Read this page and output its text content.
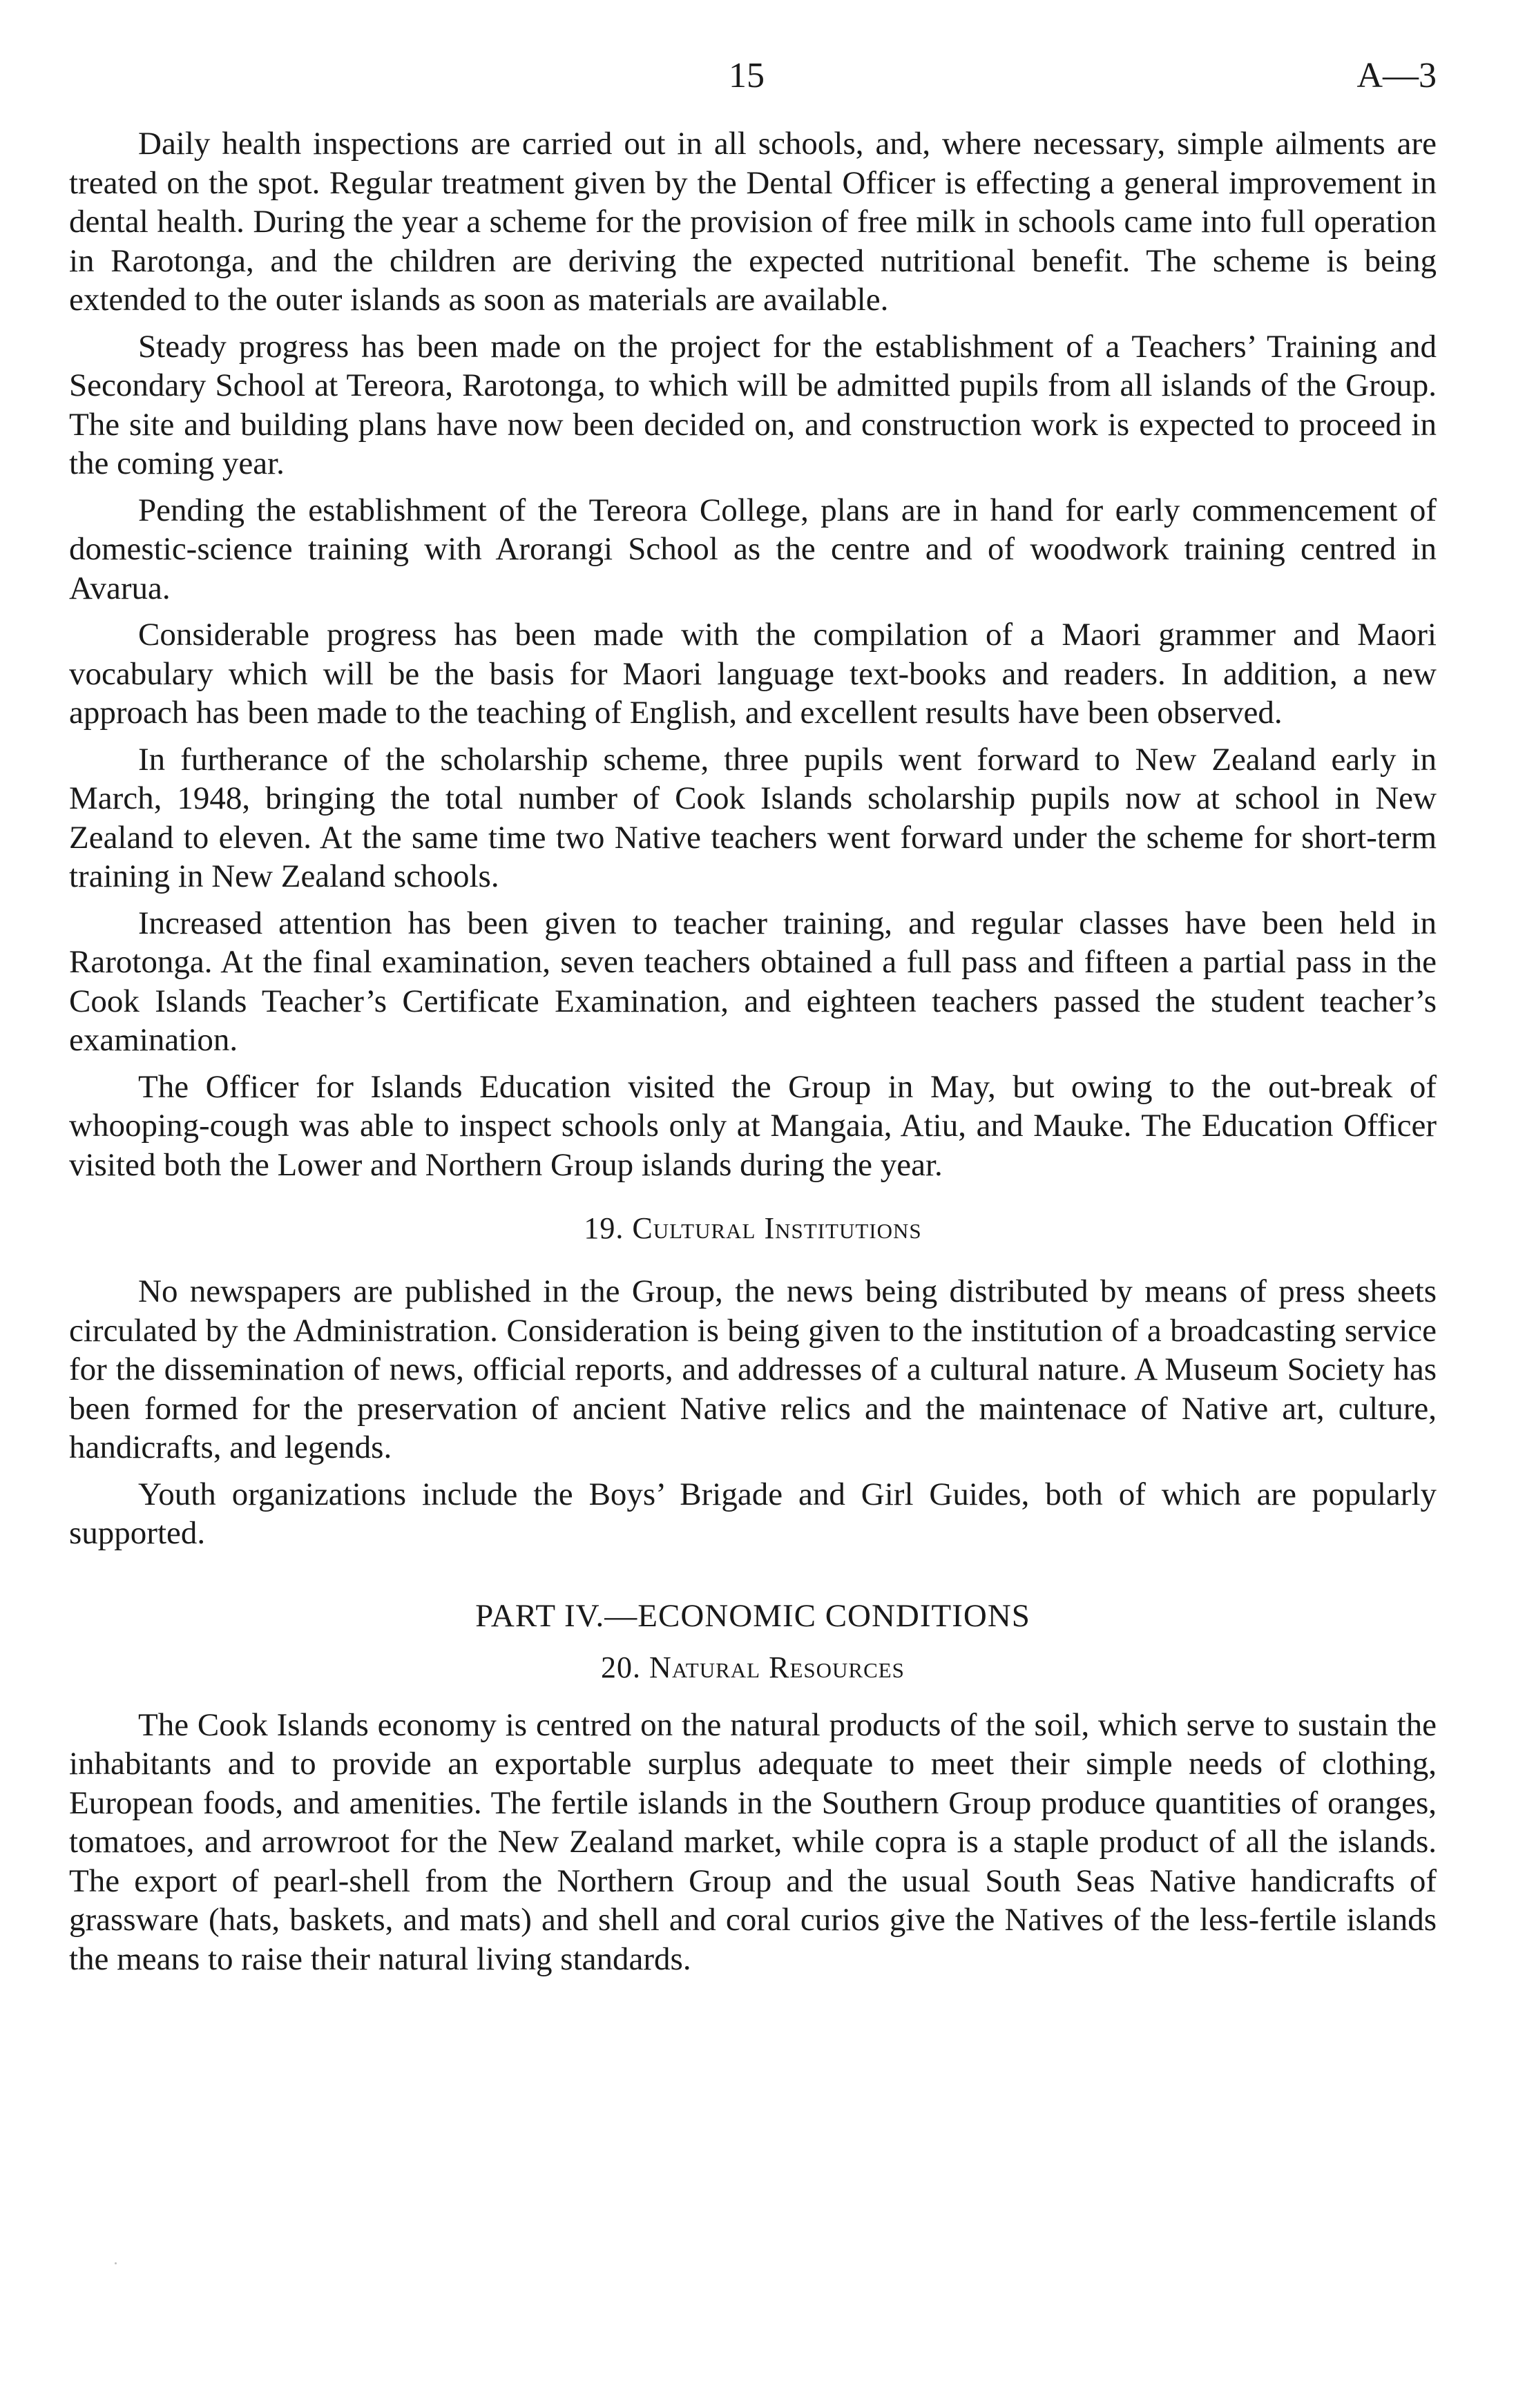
15	A—3

Daily health inspections are carried out in all schools, and, where necessary, simple ailments are treated on the spot. Regular treatment given by the Dental Officer is effecting a general improvement in dental health. During the year a scheme for the provision of free milk in schools came into full operation in Rarotonga, and the children are deriving the expected nutritional benefit. The scheme is being extended to the outer islands as soon as materials are available.

Steady progress has been made on the project for the establishment of a Teachers’ Training and Secondary School at Tereora, Rarotonga, to which will be admitted pupils from all islands of the Group. The site and building plans have now been decided on, and construction work is expected to proceed in the coming year.

Pending the establishment of the Tereora College, plans are in hand for early commencement of domestic-science training with Arorangi School as the centre and of woodwork training centred in Avarua.

Considerable progress has been made with the compilation of a Maori grammer and Maori vocabulary which will be the basis for Maori language text-books and readers. In addition, a new approach has been made to the teaching of English, and excellent results have been observed.

In furtherance of the scholarship scheme, three pupils went forward to New Zealand early in March, 1948, bringing the total number of Cook Islands scholarship pupils now at school in New Zealand to eleven. At the same time two Native teachers went forward under the scheme for short-term training in New Zealand schools.

Increased attention has been given to teacher training, and regular classes have been held in Rarotonga. At the final examination, seven teachers obtained a full pass and fifteen a partial pass in the Cook Islands Teacher’s Certificate Examination, and eighteen teachers passed the student teacher’s examination.

The Officer for Islands Education visited the Group in May, but owing to the out-break of whooping-cough was able to inspect schools only at Mangaia, Atiu, and Mauke. The Education Officer visited both the Lower and Northern Group islands during the year.

19. Cultural Institutions

No newspapers are published in the Group, the news being distributed by means of press sheets circulated by the Administration. Consideration is being given to the institution of a broadcasting service for the dissemination of news, official reports, and addresses of a cultural nature. A Museum Society has been formed for the preservation of ancient Native relics and the maintenace of Native art, culture, handicrafts, and legends.

Youth organizations include the Boys’ Brigade and Girl Guides, both of which are popularly supported.

PART IV.—ECONOMIC CONDITIONS
20. Natural Resources

The Cook Islands economy is centred on the natural products of the soil, which serve to sustain the inhabitants and to provide an exportable surplus adequate to meet their simple needs of clothing, European foods, and amenities. The fertile islands in the Southern Group produce quantities of oranges, tomatoes, and arrowroot for the New Zealand market, while copra is a staple product of all the islands. The export of pearl-shell from the Northern Group and the usual South Seas Native handicrafts of grassware (hats, baskets, and mats) and shell and coral curios give the Natives of the less-fertile islands the means to raise their natural living standards.
